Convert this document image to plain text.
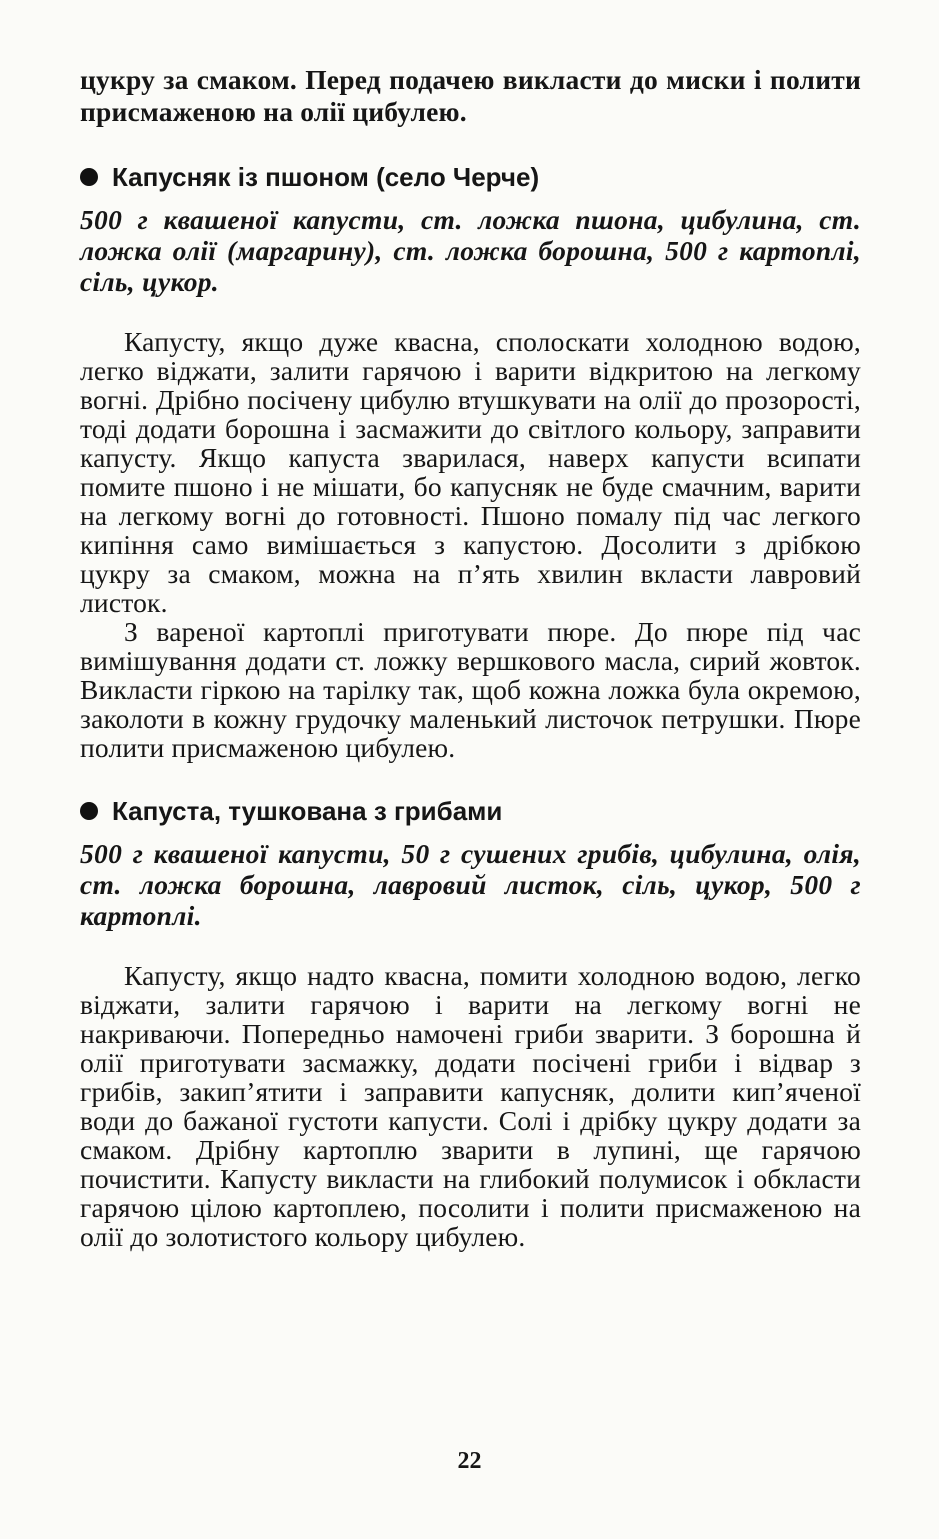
цукру за смаком. Перед подачею викласти до миски і полити присмаженою на олії цибулею.

Капусняк із пшоном (село Черче)

500 г квашеної капусти, ст. ложка пшона, цибулина, ст. ложка олії (маргарину), ст. ложка борошна, 500 г картоплі, сіль, цукор.

Капусту, якщо дуже квасна, сполоскати холодною водою, легко віджати, залити гарячою і варити відкритою на легкому вогні. Дрібно посічену цибулю втушкувати на олії до прозорості, тоді додати борошна і засмажити до світлого кольору, заправити капусту. Якщо капуста зварилася, наверх капусти всипати помите пшоно і не мішати, бо капусняк не буде смачним, варити на легкому вогні до готовності. Пшоно помалу під час легкого кипіння само вимішається з капустою. Досолити з дрібкою цукру за смаком, можна на п’ять хвилин вкласти лавровий листок.

З вареної картоплі приготувати пюре. До пюре під час вимішування додати ст. ложку вершкового масла, сирий жовток. Викласти гіркою на тарілку так, щоб кожна ложка була окремою, заколоти в кожну грудочку маленький листочок петрушки. Пюре полити присмаженою цибулею.

Капуста, тушкована з грибами

500 г квашеної капусти, 50 г сушених грибів, цибулина, олія, ст. ложка борошна, лавровий листок, сіль, цукор, 500 г картоплі.

Капусту, якщо надто квасна, помити холодною водою, легко віджати, залити гарячою і варити на легкому вогні не накриваючи. Попередньо намочені гриби зварити. З борошна й олії приготувати засмажку, додати посічені гриби і відвар з грибів, закип’ятити і заправити капусняк, долити кип’яченої води до бажаної густоти капусти. Солі і дрібку цукру додати за смаком. Дрібну картоплю зварити в лупині, ще гарячою почистити. Капусту викласти на глибокий полумисок і обкласти гарячою цілою картоплею, посолити і полити присмаженою на олії до золотистого кольору цибулею.

22
